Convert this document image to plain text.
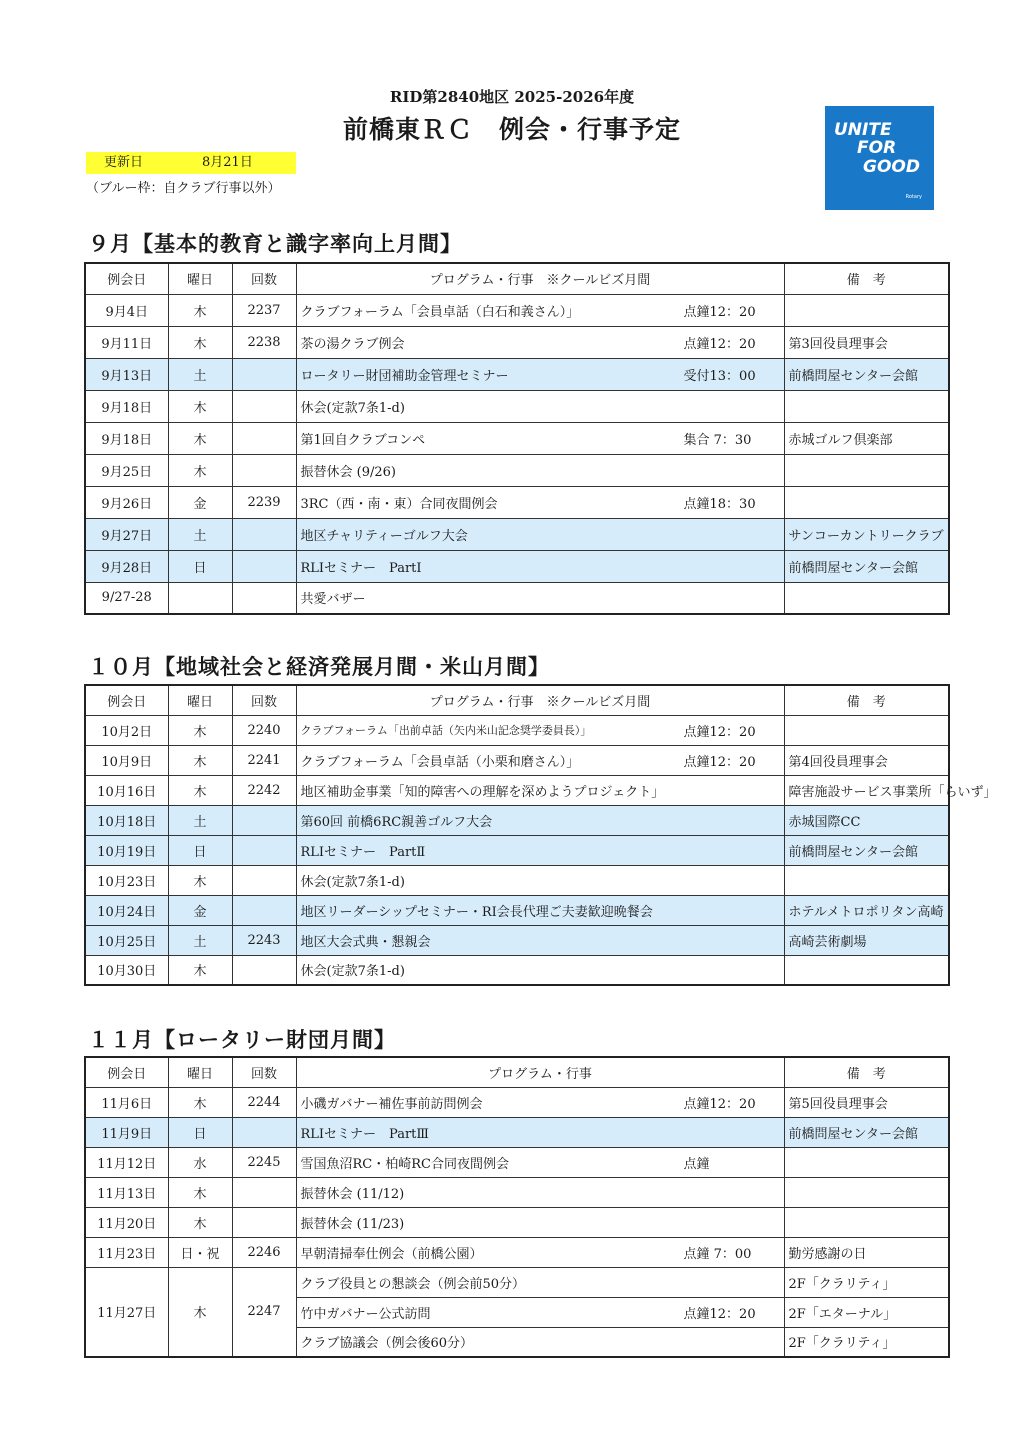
RID第2840地区 2025-2026年度
前橋東ＲＣ　例会・行事予定
更新日	8月21日
（ブルー枠：自クラブ行事以外）
UNITE
FOR
GOOD
Rotary
９月【基本的教育と識字率向上月間】
例会日	曜日	回数	プログラム・行事　※クールビズ月間	備　考
9月4日	木	2237	クラブフォーラム「会員卓話（白石和義さん）」 点鐘12：20	

9月11日	木	2238	茶の湯クラブ例会 点鐘12：20	第3回役員理事会
9月13日	土		ロータリー財団補助金管理セミナー 受付13：00	前橋問屋センター会館
9月18日	木		休会(定款7条1-d)	

9月18日	木		第1回自クラブコンペ 集合 7：30	赤城ゴルフ倶楽部
9月25日	木		振替休会 (9/26)	

9月26日	金	2239	3RC（西・南・東）合同夜間例会 点鐘18：30	

9月27日	土		地区チャリティーゴルフ大会	サンコーカントリークラブ
9月28日	日		RLIセミナー　PartⅠ	前橋問屋センター会館
9/27-28			共愛バザー	

１０月【地域社会と経済発展月間・米山月間】
例会日	曜日	回数	プログラム・行事　※クールビズ月間	備　考
10月2日	木	2240	クラブフォーラム「出前卓話（矢内米山記念奨学委員長）」 点鐘12：20	

10月9日	木	2241	クラブフォーラム「会員卓話（小栗和磨さん）」 点鐘12：20	第4回役員理事会
10月16日	木	2242	地区補助金事業「知的障害への理解を深めようプロジェクト」	障害施設サービス事業所「らいず」
10月18日	土		第60回 前橋6RC親善ゴルフ大会	赤城国際CC
10月19日	日		RLIセミナー　PartⅡ	前橋問屋センター会館
10月23日	木		休会(定款7条1-d)	

10月24日	金		地区リーダーシップセミナー・RI会長代理ご夫妻歓迎晩餐会	ホテルメトロポリタン高崎
10月25日	土	2243	地区大会式典・懇親会	高崎芸術劇場
10月30日	木		休会(定款7条1-d)	

１１月【ロータリー財団月間】
例会日	曜日	回数	プログラム・行事	備　考
11月6日	木	2244	小磯ガバナー補佐事前訪問例会 点鐘12：20	第5回役員理事会
11月9日	日		RLIセミナー　PartⅢ	前橋問屋センター会館
11月12日	水	2245	雪国魚沼RC・柏崎RC合同夜間例会 点鐘	

11月13日	木		振替休会 (11/12)	

11月20日	木		振替休会 (11/23)	

11月23日	日・祝	2246	早朝清掃奉仕例会（前橋公園） 点鐘 7：00	勤労感謝の日
11月27日	木	2247	クラブ役員との懇談会（例会前50分）	2F「クラリティ」

			竹中ガバナー公式訪問 点鐘12：20	2F「エターナル」

			クラブ協議会（例会後60分）	2F「クラリティ」
